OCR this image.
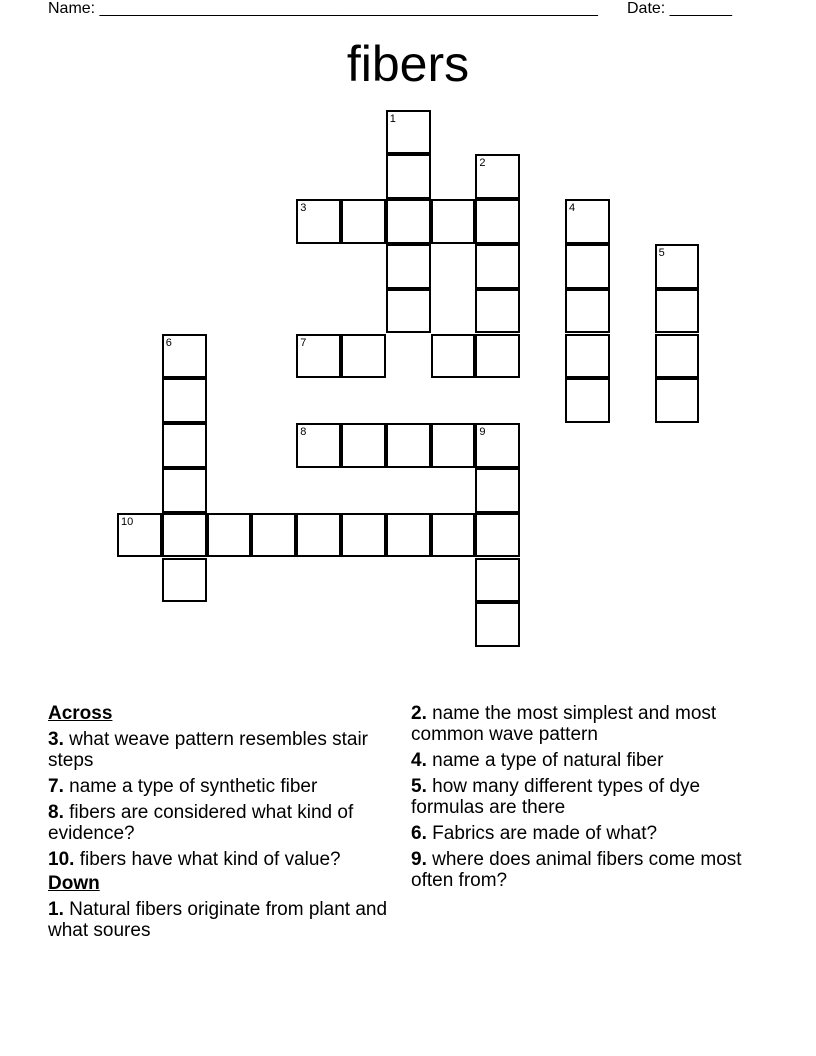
Name: ________________________________________________________ Date: _______
fibers
1
2
3	4
5
6	7
8	9
10
Across
3. what weave pattern resembles stair steps
7. name a type of synthetic fiber
8. fibers are considered what kind of evidence?
10. fibers have what kind of value?
Down
1. Natural fibers originate from plant and what soures
2. name the most simplest and most common wave pattern
4. name a type of natural fiber
5. how many different types of dye formulas are there
6. Fabrics are made of what?
9. where does animal fibers come most often from?
